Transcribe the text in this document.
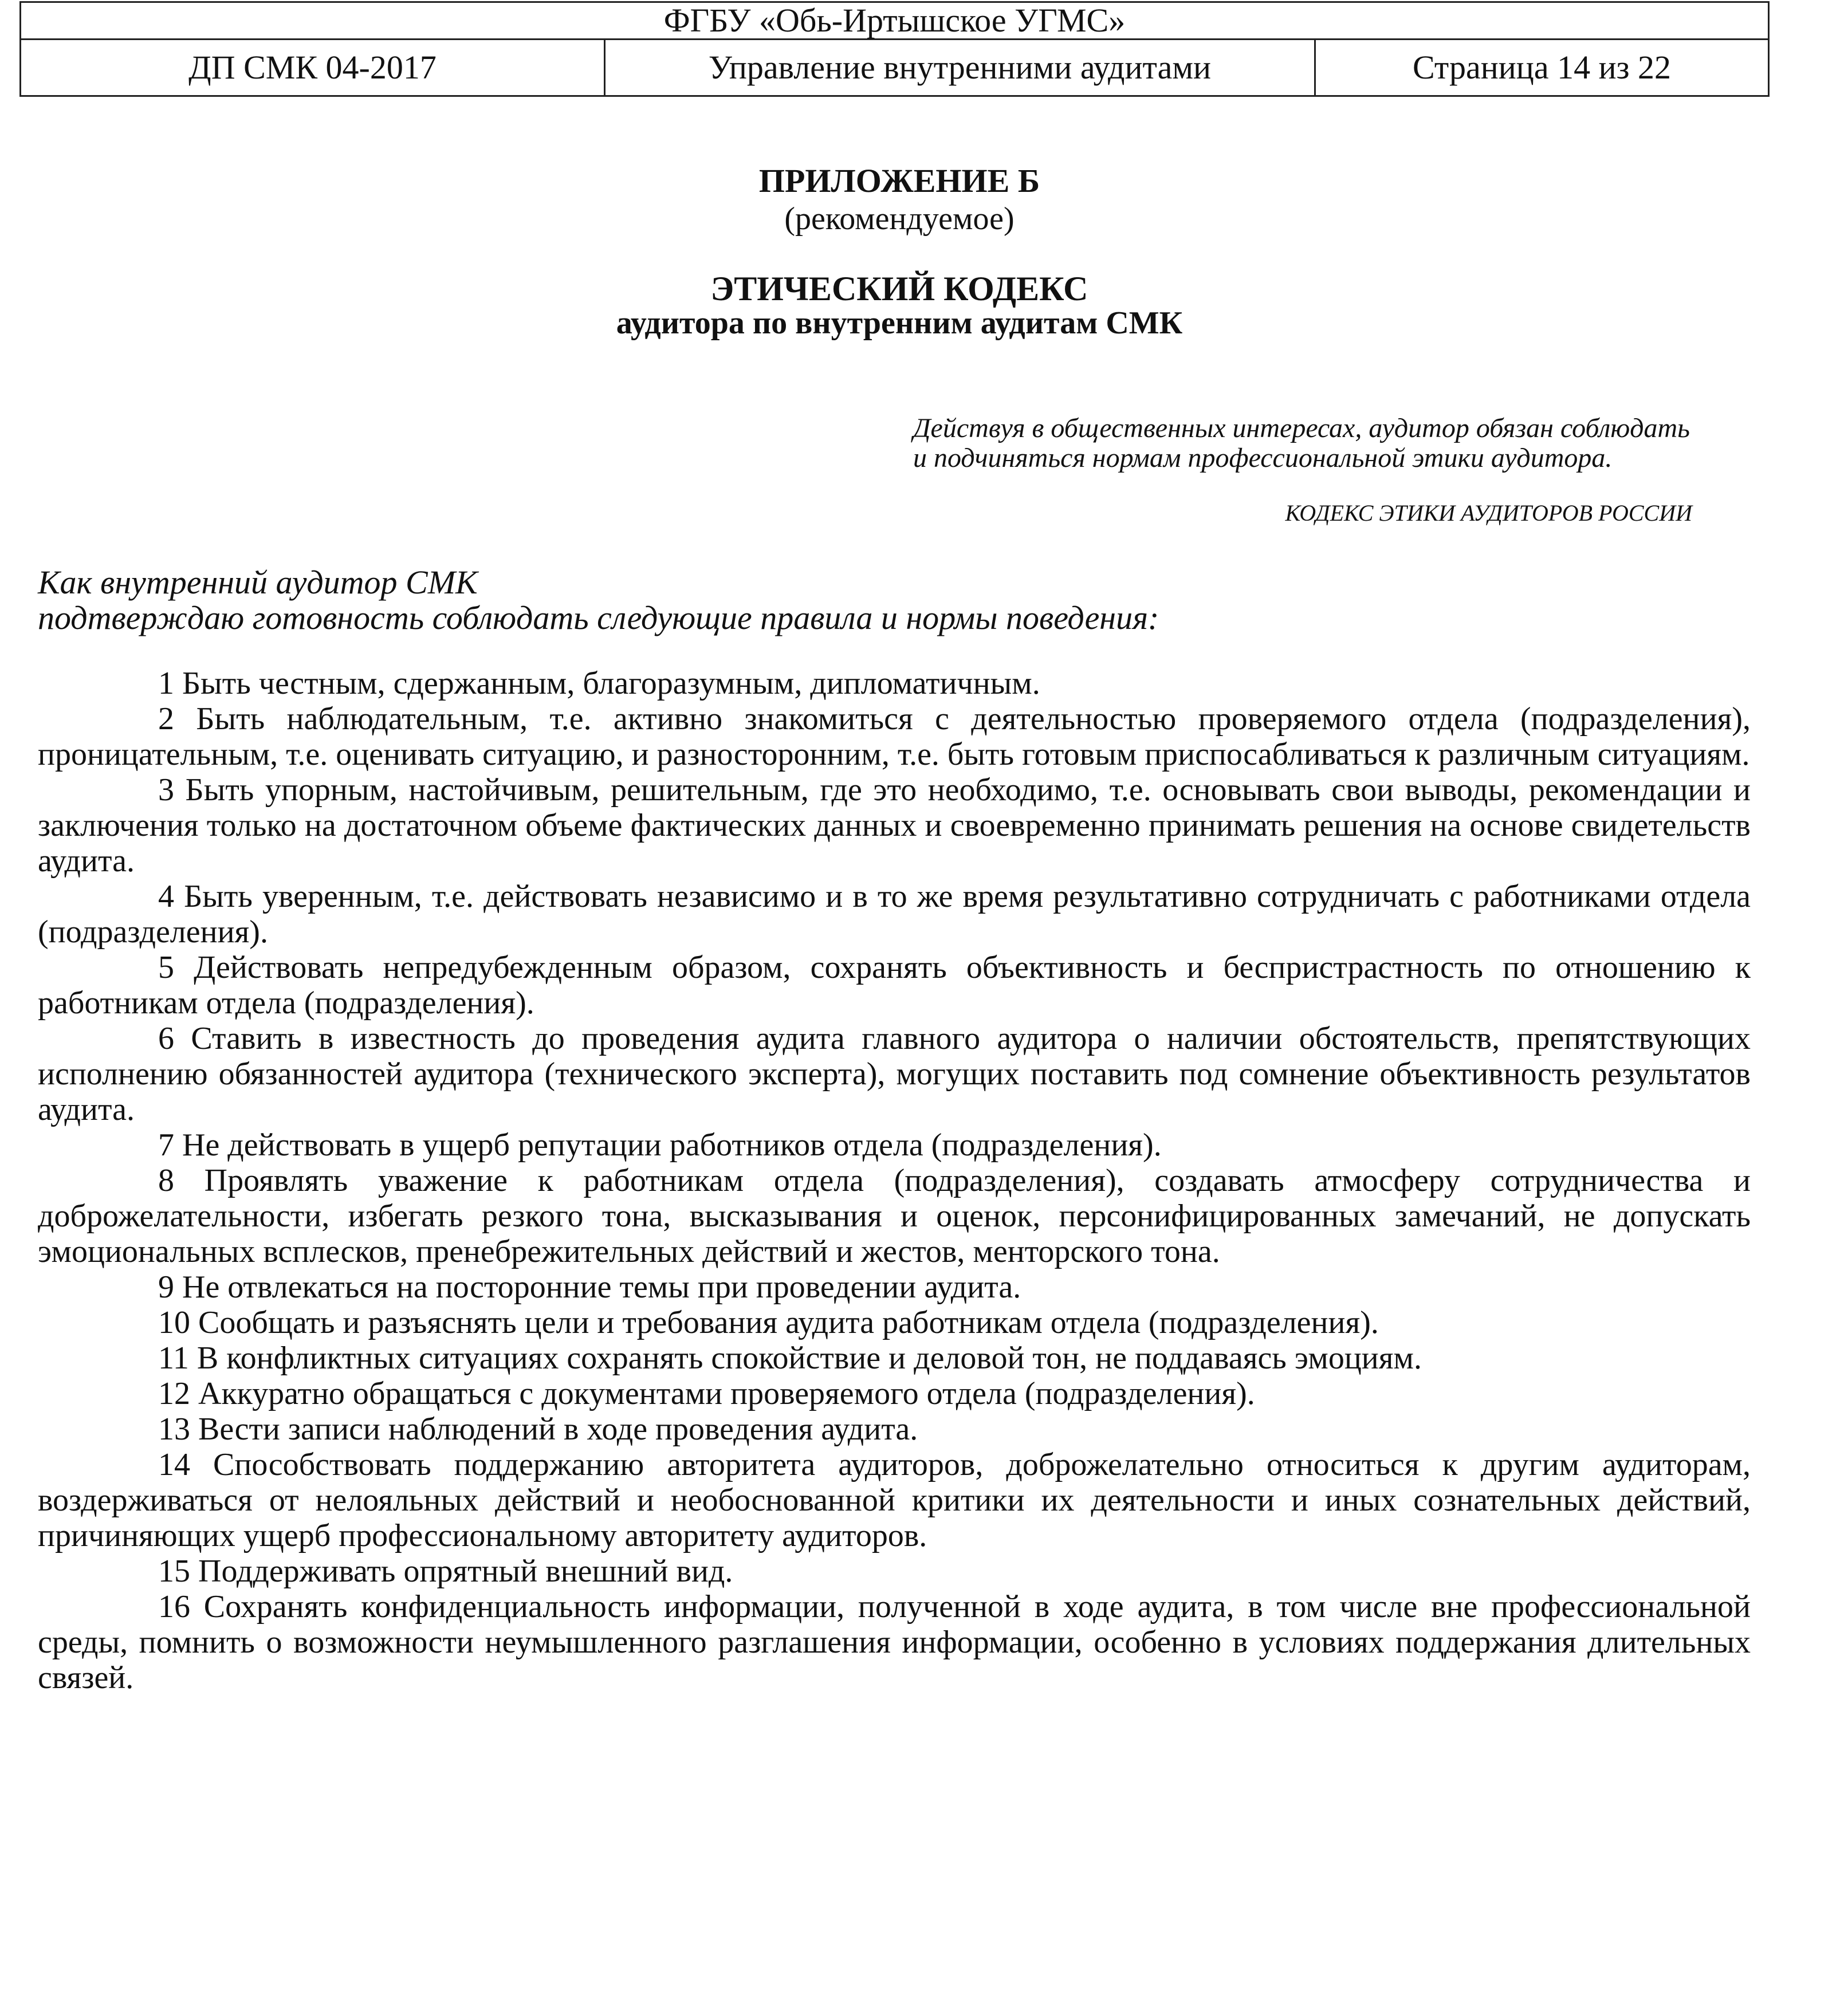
ФГБУ «Обь-Иртышское УГМС»
ДП СМК 04-2017	Управление внутренними аудитами	Страница 14 из 22
ПРИЛОЖЕНИЕ Б
(рекомендуемое)
ЭТИЧЕСКИЙ КОДЕКС
аудитора по внутренним аудитам СМК

Действуя в общественных интересах, аудитор обязан соблюдать и подчиняться нормам профессиональной этики аудитора.

КОДЕКС ЭТИКИ АУДИТОРОВ РОССИИ

Как внутренний аудитор СМК
подтверждаю готовность соблюдать следующие правила и нормы поведения:

1 Быть честным, сдержанным, благоразумным, дипломатичным.

2 Быть наблюдательным, т.е. активно знакомиться с деятельностью проверяемого отдела (подразделения), проницательным, т.е. оценивать ситуацию, и разносторонним, т.е. быть готовым приспосабливаться к различным ситуациям.

3 Быть упорным, настойчивым, решительным, где это необходимо, т.е. основывать свои выводы, рекомендации и заключения только на достаточном объеме фактических данных и своевременно принимать решения на основе свидетельств аудита.

4 Быть уверенным, т.е. действовать независимо и в то же время результативно сотрудничать с работниками отдела (подразделения).

5 Действовать непредубежденным образом, сохранять объективность и беспристрастность по отношению к работникам отдела (подразделения).

6 Ставить в известность до проведения аудита главного аудитора о наличии обстоятельств, препятствующих исполнению обязанностей аудитора (технического эксперта), могущих поставить под сомнение объективность результатов аудита.

7 Не действовать в ущерб репутации работников отдела (подразделения).

8 Проявлять уважение к работникам отдела (подразделения), создавать атмосферу сотрудничества и доброжелательности, избегать резкого тона, высказывания и оценок, персонифицированных замечаний, не допускать эмоциональных всплесков, пренебрежительных действий и жестов, менторского тона.

9 Не отвлекаться на посторонние темы при проведении аудита.

10 Сообщать и разъяснять цели и требования аудита работникам отдела (подразделения).

11 В конфликтных ситуациях сохранять спокойствие и деловой тон, не поддаваясь эмоциям.

12 Аккуратно обращаться с документами проверяемого отдела (подразделения).

13 Вести записи наблюдений в ходе проведения аудита.

14 Способствовать поддержанию авторитета аудиторов, доброжелательно относиться к другим аудиторам, воздерживаться от нелояльных действий и необоснованной критики их деятельности и иных сознательных действий, причиняющих ущерб профессиональному авторитету аудиторов.

15 Поддерживать опрятный внешний вид.

16 Сохранять конфиденциальность информации, полученной в ходе аудита, в том числе вне профессиональной среды, помнить о возможности неумышленного разглашения информации, особенно в условиях поддержания длительных связей.
